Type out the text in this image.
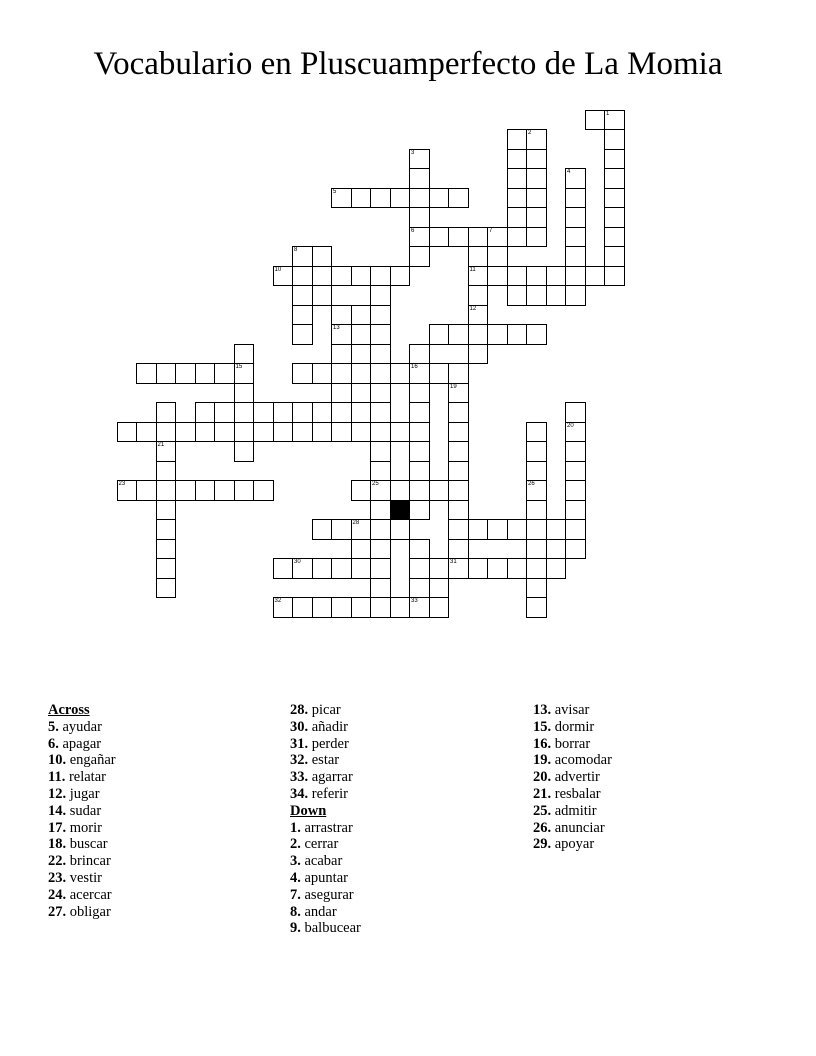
Vocabulario en Pluscuamperfecto de La Momia
1
2
3
6
4
5
7
8
10	11
13
12
15	16
19
31
21
25	26
20
23
28
30
32	33
Across
5. ayudar
6. apagar
10. engañar
11. relatar
12. jugar
14. sudar
17. morir
18. buscar
22. brincar
23. vestir
24. acercar
27. obligar
28. picar
30. añadir
31. perder
32. estar
33. agarrar
34. referir
Down
1. arrastrar
2. cerrar
3. acabar
4. apuntar
7. asegurar
8. andar
9. balbucear
13. avisar
15. dormir
16. borrar
19. acomodar
20. advertir
21. resbalar
25. admitir
26. anunciar
29. apoyar
